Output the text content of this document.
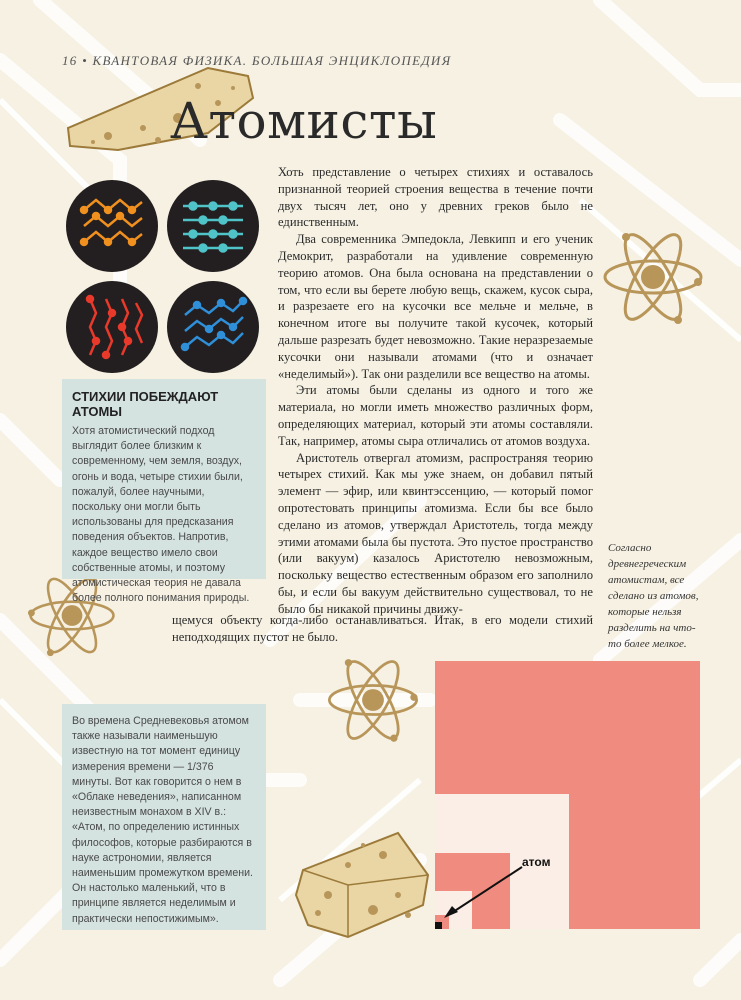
16 • КВАНТОВАЯ ФИЗИКА. БОЛЬШАЯ ЭНЦИКЛОПЕДИЯ
Атомисты

Хоть представление о четырех стихиях и оставалось признанной теорией строения вещества в течение почти двух тысяч лет, оно у древних греков было не единственным.

Два современника Эмпедокла, Левкипп и его ученик Демокрит, разработали на удивление современную теорию атомов. Она была основана на представлении о том, что если вы берете любую вещь, скажем, кусок сыра, и разрезаете его на кусочки все мельче и мельче, в конечном итоге вы получите такой кусочек, который дальше разрезать будет невозможно. Такие неразрезаемые кусочки они называли атомами (что и означает «неделимый»). Так они разделили все вещество на атомы.

Эти атомы были сделаны из одного и того же материала, но могли иметь множество различных форм, определяющих материал, который эти атомы составляли. Так, например, атомы сыра отличались от атомов воздуха.

Аристотель отвергал атомизм, распространяя теорию четырех стихий. Как мы уже знаем, он добавил пятый элемент — эфир, или квинтэссенцию, — который помог опротестовать принципы атомизма. Если бы все было сделано из атомов, утверждал Аристотель, тогда между этими атомами была бы пустота. Это пустое пространство (или вакуум) казалось Аристотелю невозможным, поскольку вещество естественным образом его заполнило бы, и если бы вакуум действительно существовал, то не было бы никакой причины движу-

щемуся объекту когда-либо останавливаться. Итак, в его модели стихий неподходящих пустот не было.

Согласно древнегреческим атомистам, все сделано из атомов, которые нельзя разделить на что-то более мелкое.
СТИХИИ ПОБЕЖДАЮТ АТОМЫ

Хотя атомистический подход выглядит более близким к современному, чем земля, воздух, огонь и вода, четыре стихии были, пожалуй, более научными, поскольку они могли быть использованы для предсказания поведения объектов. Напротив, каждое вещество имело свои собственные атомы, и поэтому атомистическая теория не давала более полного понимания природы.

Во времена Средневековья атомом также называли наименьшую известную на тот момент единицу измерения времени — 1/376 минуты. Вот как говорится о нем в «Облаке неведения», написанном неизвестным монахом в XIV в.:

«Атом, по определению истинных философов, которые разбираются в науке астрономии, является наименьшим промежутком времени. Он настолько маленький, что в принципе является неделимым и практически непостижимым».

атом
